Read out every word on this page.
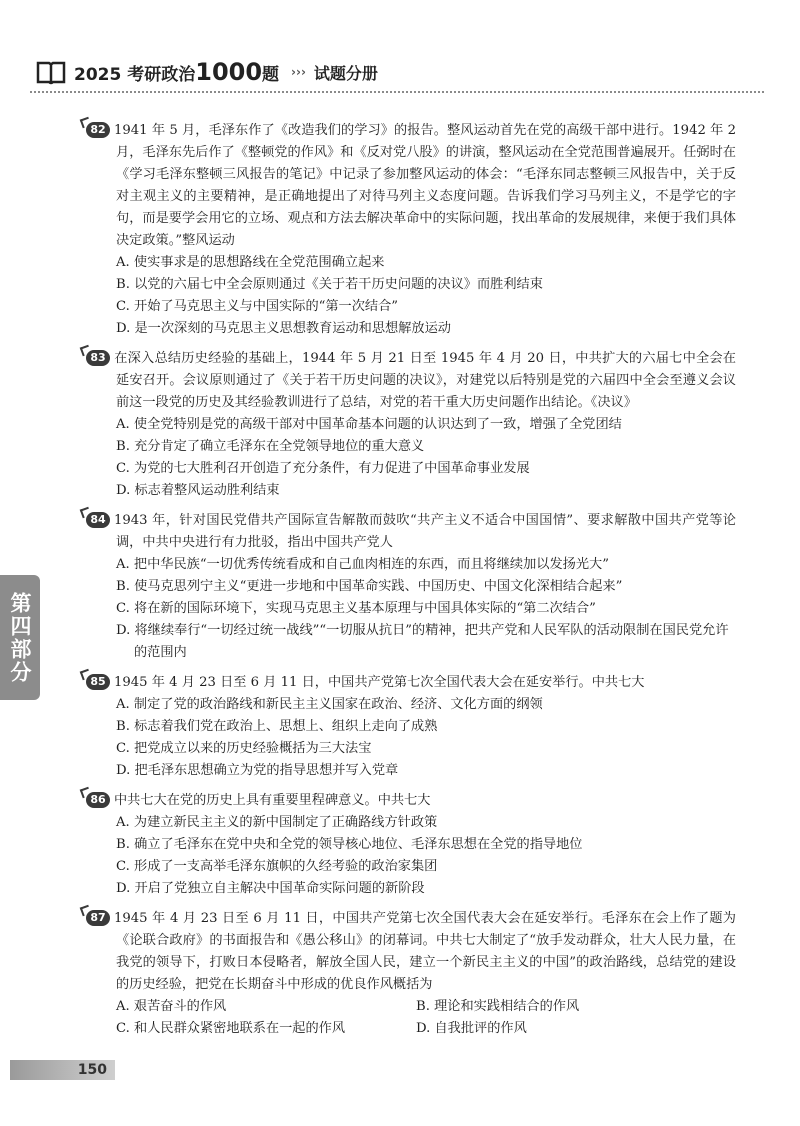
2025 考研政治1000题 ››› 试题分册
第四部分
82 1941 年 5 月，毛泽东作了《改造我们的学习》的报告。整风运动首先在党的高级干部中进行。1942 年 2 月，毛泽东先后作了《整顿党的作风》和《反对党八股》的讲演，整风运动在全党范围普遍展开。任弼时在《学习毛泽东整顿三风报告的笔记》中记录了参加整风运动的体会：“毛泽东同志整顿三风报告中，关于反对主观主义的主要精神，是正确地提出了对待马列主义态度问题。告诉我们学习马列主义，不是学它的字句，而是要学会用它的立场、观点和方法去解决革命中的实际问题，找出革命的发展规律，来便于我们具体决定政策。”整风运动
A. 使实事求是的思想路线在全党范围确立起来
B. 以党的六届七中全会原则通过《关于若干历史问题的决议》而胜利结束
C. 开始了马克思主义与中国实际的“第一次结合”
D. 是一次深刻的马克思主义思想教育运动和思想解放运动
83 在深入总结历史经验的基础上，1944 年 5 月 21 日至 1945 年 4 月 20 日，中共扩大的六届七中全会在延安召开。会议原则通过了《关于若干历史问题的决议》，对建党以后特别是党的六届四中全会至遵义会议前这一段党的历史及其经验教训进行了总结，对党的若干重大历史问题作出结论。《决议》
A. 使全党特别是党的高级干部对中国革命基本问题的认识达到了一致，增强了全党团结
B. 充分肯定了确立毛泽东在全党领导地位的重大意义
C. 为党的七大胜利召开创造了充分条件，有力促进了中国革命事业发展
D. 标志着整风运动胜利结束
84 1943 年，针对国民党借共产国际宣告解散而鼓吹“共产主义不适合中国国情”、要求解散中国共产党等论调，中共中央进行有力批驳，指出中国共产党人
A. 把中华民族“一切优秀传统看成和自己血肉相连的东西，而且将继续加以发扬光大”
B. 使马克思列宁主义“更进一步地和中国革命实践、中国历史、中国文化深相结合起来”
C. 将在新的国际环境下，实现马克思主义基本原理与中国具体实际的“第二次结合”
D. 将继续奉行“一切经过统一战线”“一切服从抗日”的精神，把共产党和人民军队的活动限制在国民党允许的范围内
85 1945 年 4 月 23 日至 6 月 11 日，中国共产党第七次全国代表大会在延安举行。中共七大
A. 制定了党的政治路线和新民主主义国家在政治、经济、文化方面的纲领
B. 标志着我们党在政治上、思想上、组织上走向了成熟
C. 把党成立以来的历史经验概括为三大法宝
D. 把毛泽东思想确立为党的指导思想并写入党章
86 中共七大在党的历史上具有重要里程碑意义。中共七大
A. 为建立新民主主义的新中国制定了正确路线方针政策
B. 确立了毛泽东在党中央和全党的领导核心地位、毛泽东思想在全党的指导地位
C. 形成了一支高举毛泽东旗帜的久经考验的政治家集团
D. 开启了党独立自主解决中国革命实际问题的新阶段
87 1945 年 4 月 23 日至 6 月 11 日，中国共产党第七次全国代表大会在延安举行。毛泽东在会上作了题为《论联合政府》的书面报告和《愚公移山》的闭幕词。中共七大制定了“放手发动群众，壮大人民力量，在我党的领导下，打败日本侵略者，解放全国人民，建立一个新民主主义的中国”的政治路线，总结党的建设的历史经验，把党在长期奋斗中形成的优良作风概括为
A. 艰苦奋斗的作风	B. 理论和实践相结合的作风
C. 和人民群众紧密地联系在一起的作风	D. 自我批评的作风
150
